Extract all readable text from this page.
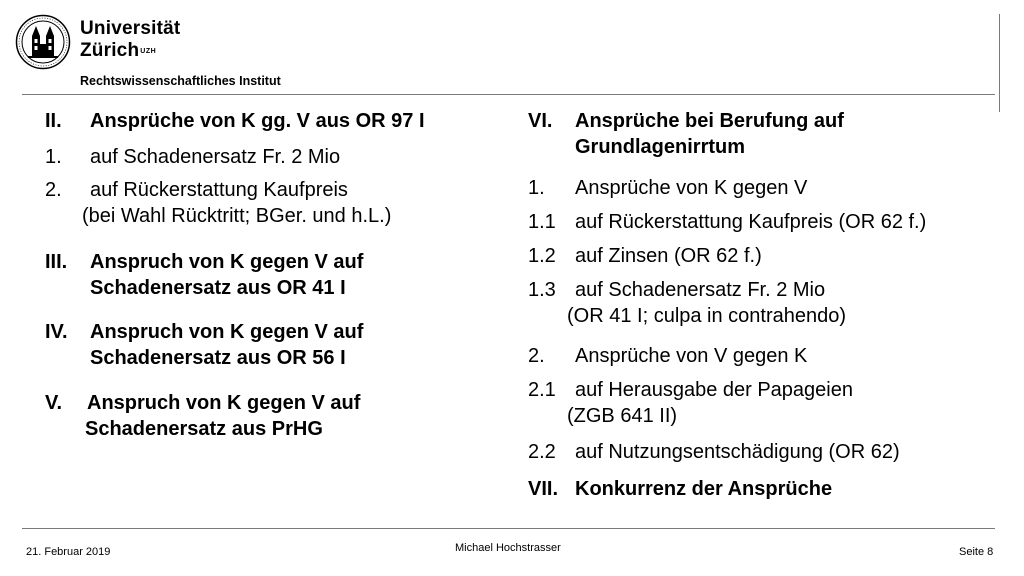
Universität
Zürich$^{UZH}$
Rechtswissenschaftliches Institut
II.	Ansprüche von K gg. V aus OR 97 I
1.	auf Schadenersatz Fr. 2 Mio
2.	auf Rückerstattung Kaufpreis
(bei Wahl Rücktritt; BGer. und h.L.)
III.	Anspruch von K gegen V auf
Schadenersatz aus OR 41 I
IV.	Anspruch von K gegen V auf
Schadenersatz aus OR 56 I
V.	Anspruch von K gegen V auf
Schadenersatz aus PrHG
VI.	Ansprüche bei Berufung auf
Grundlagenirrtum
1.	Ansprüche von K gegen V
1.1 auf Rückerstattung Kaufpreis (OR 62 f.)
1.2 auf Zinsen (OR 62 f.)
1.3 auf Schadenersatz Fr. 2 Mio
(OR 41 I; culpa in contrahendo)
2.	Ansprüche von V gegen K
2.1 auf Herausgabe der Papageien
(ZGB 641 II)
2.2 auf Nutzungsentschädigung (OR 62)
VII. Konkurrenz der Ansprüche
21. Februar 2019	Michael Hochstrasser	Seite 8
